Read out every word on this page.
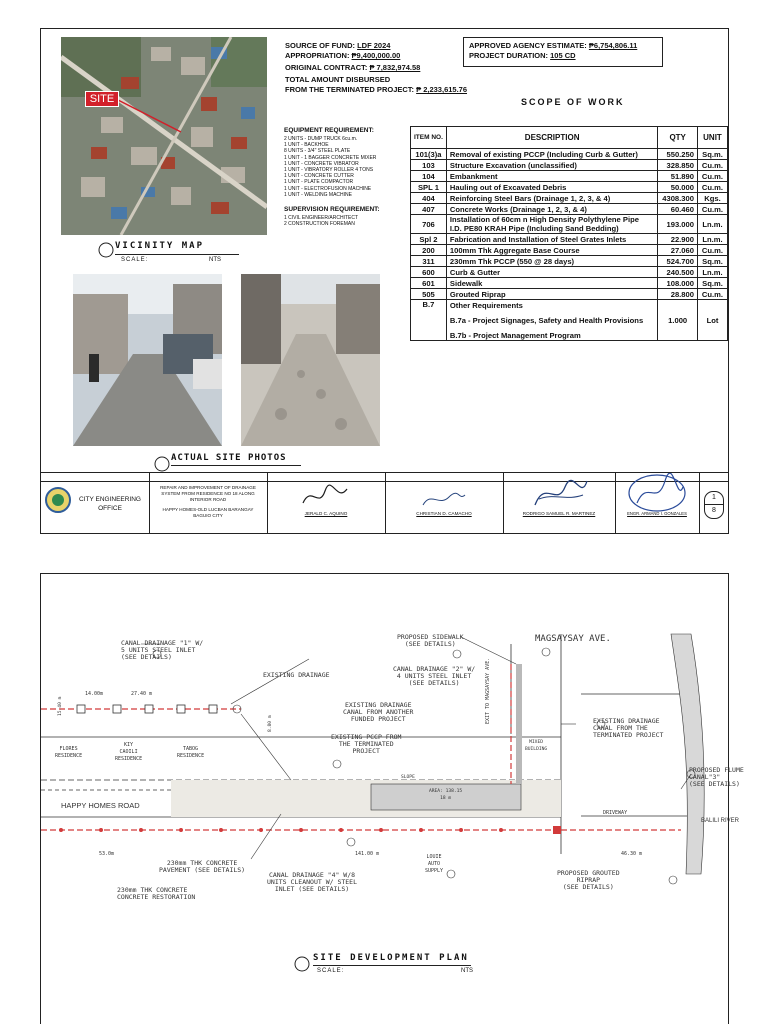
SITE
VICINITY MAP
SCALE:	NTS
ACTUAL SITE PHOTOS
SOURCE OF FUND: LDF 2024
APPROPRIATION: ₱9,400,000.00
ORIGINAL CONTRACT: ₱ 7,832,974.58
TOTAL AMOUNT DISBURSED
FROM THE TERMINATED PROJECT: ₱ 2,233,615.76
APPROVED AGENCY ESTIMATE: ₱6,754,806.11
PROJECT DURATION: 105 CD
SCOPE OF WORK
EQUIPMENT REQUIREMENT:
2 UNITS - DUMP TRUCK 6cu.m.
1 UNIT - BACKHOE
8 UNITS - 3/4" STEEL PLATE
1 UNIT - 1 BAGGER CONCRETE MIXER
1 UNIT - CONCRETE VIBRATOR
1 UNIT - VIBRATORY ROLLER 4 TONS
1 UNIT - CONCRETE CUTTER
1 UNIT - PLATE COMPACTOR
1 UNIT - ELECTROFUSION MACHINE
1 UNIT - WELDING MACHINE
SUPERVISION REQUIREMENT:
1 CIVIL ENGINEER/ARCHITECT
2 CONSTRUCTION FOREMAN
ITEM NO.	DESCRIPTION	QTY	UNIT
101(3)a	Removal of existing PCCP (Including Curb & Gutter)	550.250	Sq.m.
103	Structure Excavation (unclassified)	328.850	Cu.m.
104	Embankment	51.890	Cu.m.
SPL 1	Hauling out of Excavated Debris	50.000	Cu.m.
404	Reinforcing Steel Bars (Drainage 1, 2, 3, & 4)	4308.300	Kgs.
407	Concrete Works (Drainage 1, 2, 3, & 4)	60.460	Cu.m.
706	Installation of 60cm n High Density Polythylene Pipe
I.D. PE80 KRAH Pipe (Including Sand Bedding)	193.000	Ln.m.
Spl 2	Fabrication and Installation of Steel Grates Inlets	22.900	Ln.m.
200	100mm Thk Aggregate Base Course	27.060	Cu.m.
311	230mm Thk PCCP (550 @ 28 days)	524.700	Sq.m.
600	Curb & Gutter	240.500	Ln.m.
601	Sidewalk	108.000	Sq.m.
505	Grouted Riprap	28.800	Cu.m.
B.7	Other Requirements	1.000	Lot
	B.7a - Project Signages, Safety and Health Provisions		
	B.7b - Project Management Program		
CITY ENGINEERING
OFFICE
REPAIR AND IMPROVEMENT OF DRAINAGE
SYSTEM FROM RESIDENCE NO 18 ALONG
INTERIOR ROAD
HAPPY HOMES-OLD LUCBAN BARANGAY
BAGUIO CITY	JERALD C. AQUINO	CHRISTIAN D. CAMACHO	RODRIGO SAMUEL R. MARTINEZ	ENGR. ARMAND I. GONZALES
1
8
CANAL DRAINAGE "1" W/
5 UNITS STEEL INLET
(SEE DETAILS)
EXISTING DRAINAGE
EXISTING DRAINAGE
CANAL FROM ANOTHER
FUNDED PROJECT
EXISTING PCCP FROM
THE TERMINATED
PROJECT
PROPOSED SIDEWALK
(SEE DETAILS)
CANAL DRAINAGE "2" W/
4 UNITS STEEL INLET
(SEE DETAILS)
MAGSAYSAY AVE.
EXIT TO MAGSAYSAY AVE.	EXISTING DRAINAGE
CANAL FROM THE
TERMINATED PROJECT
PROPOSED FLUME
CANAL"3"
(SEE DETAILS)
BALILI RIVER
HAPPY HOMES ROAD
230mm THK CONCRETE
PAVEMENT (SEE DETAILS)
230mm THK CONCRETE
CONCRETE RESTORATION
CANAL DRAINAGE "4" W/8
UNITS CLEANOUT W/ STEEL
INLET (SEE DETAILS)
PROPOSED GROUTED
RIPRAP
(SEE DETAILS)
FLORES
RESIDENCE
KIY
CAOILI
RESIDENCE
TABOG
RESIDENCE
LOUIE
AUTO
SUPPLY
DRIVEWAY
MIXED
BUILDING
14.00m	27.40 m
53.0m	141.00 m	46.30 m
15.40 m
8.80 m
SLOPE
AREA: 138.15
18 m
SITE DEVELOPMENT PLAN
SCALE:	NTS
